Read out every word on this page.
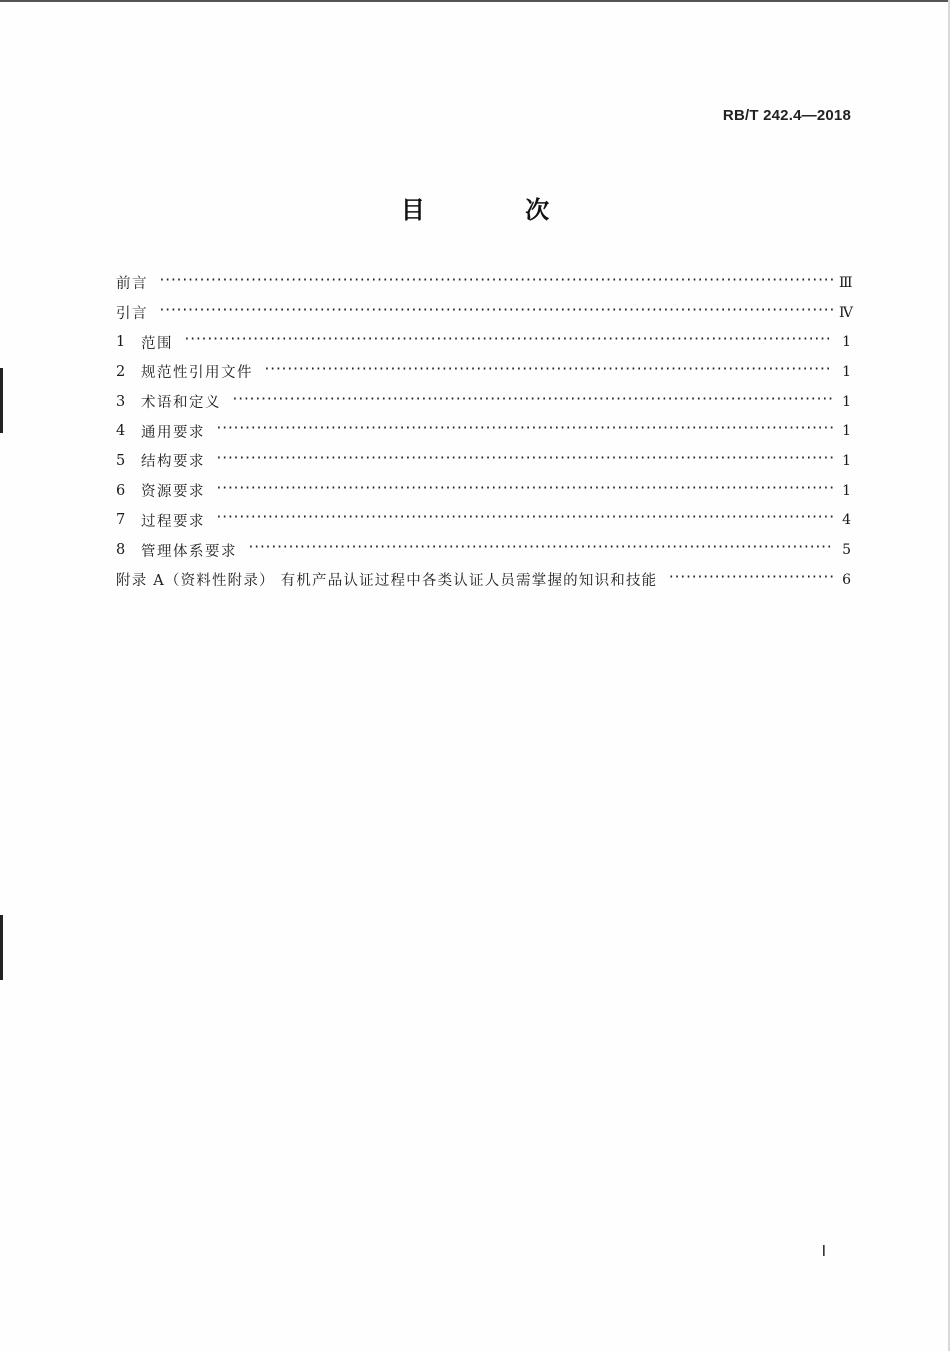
RB/T 242.4—2018
目 次
前言 ·····	Ⅲ
引言 ·····	Ⅳ
1	范围 ·····	1
2	规范性引用文件 ·····	1
3	术语和定义 ·····	1
4	通用要求 ·····	1
5	结构要求 ·····	1
6	资源要求 ·····	1
7	过程要求 ·····	4
8	管理体系要求 ·····	5
附录 A（资料性附录） 有机产品认证过程中各类认证人员需掌握的知识和技能 ·····	6
Ⅰ
